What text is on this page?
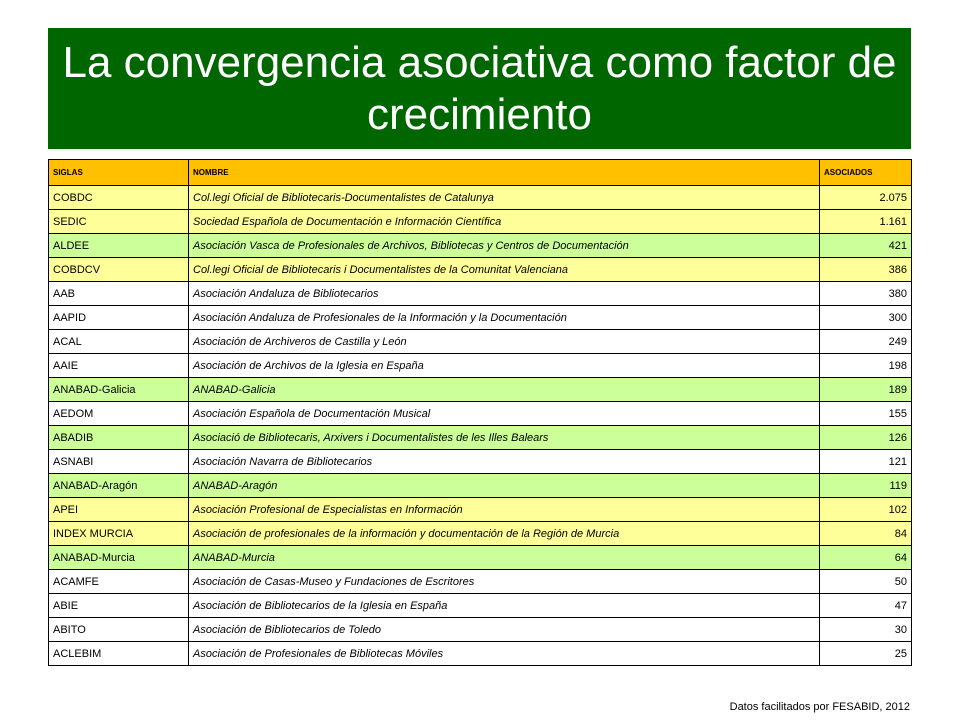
La convergencia asociativa como factor de crecimiento
SIGLAS	NOMBRE	ASOCIADOS
COBDC	Col.legi Oficial de Bibliotecaris-Documentalistes de Catalunya	2.075
SEDIC	Sociedad Española de Documentación e Información Científica	1.161
ALDEE	Asociación Vasca de Profesionales de Archivos, Bibliotecas y Centros de Documentación	421
COBDCV	Col.legi Oficial de Bibliotecaris i Documentalistes de la Comunitat Valenciana	386
AAB	Asociación Andaluza de Bibliotecarios	380
AAPID	Asociación Andaluza de Profesionales de la Información y la Documentación	300
ACAL	Asociación de Archiveros de Castilla y León	249
AAIE	Asociación de Archivos de la Iglesia en España	198
ANABAD-Galicia	ANABAD-Galicia	189
AEDOM	Asociación Española de Documentación Musical	155
ABADIB	Asociació de Bibliotecaris, Arxivers i Documentalistes de les Illes Balears	126
ASNABI	Asociación Navarra de Bibliotecarios	121
ANABAD-Aragón	ANABAD-Aragón	119
APEI	Asociación Profesional de Especialistas en Información	102
INDEX MURCIA	Asociación de profesionales de la información y documentación de la Región de Murcia	84
ANABAD-Murcia	ANABAD-Murcia	64
ACAMFE	Asociación de Casas-Museo y Fundaciones de Escritores	50
ABIE	Asociación de Bibliotecarios de la Iglesia en España	47
ABITO	Asociación de Bibliotecarios de Toledo	30
ACLEBIM	Asociación de Profesionales de Bibliotecas Móviles	25
Datos facilitados por FESABID, 2012
